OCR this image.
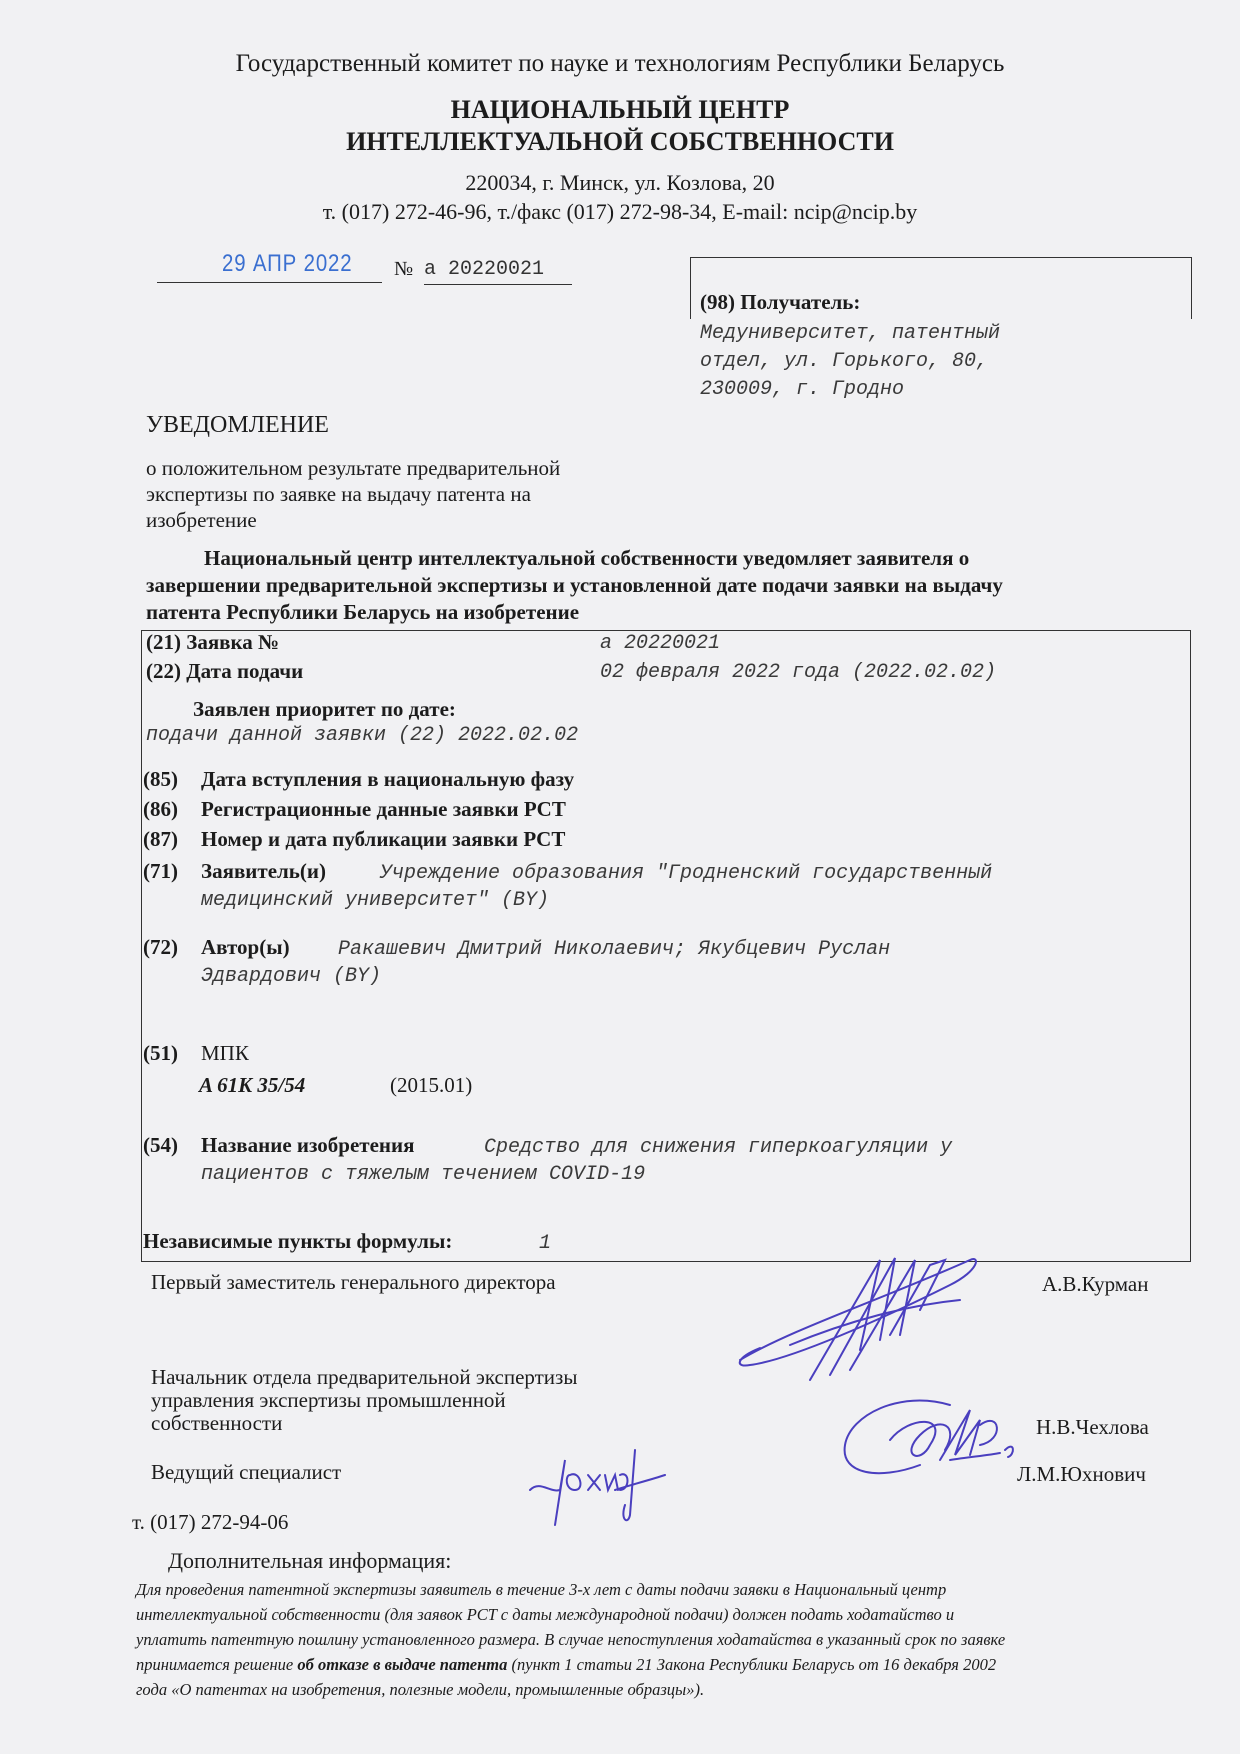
Государственный комитет по науке и технологиям Республики Беларусь
НАЦИОНАЛЬНЫЙ ЦЕНТР
ИНТЕЛЛЕКТУАЛЬНОЙ СОБСТВЕННОСТИ
220034, г. Минск, ул. Козлова, 20
т. (017) 272-46-96, т./факс (017) 272-98-34, E-mail: ncip@ncip.by
29 АПР 2022 № а 20220021
(98) Получатель:
Медуниверситет, патентный
отдел, ул. Горького, 80,
230009, г. Гродно
УВЕДОМЛЕНИЕ
о положительном результате предварительной
экспертизы по заявке на выдачу патента на
изобретение
Национальный центр интеллектуальной собственности уведомляет заявителя о
завершении предварительной экспертизы и установленной дате подачи заявки на выдачу
патента Республики Беларусь на изобретение
(21) Заявка №	а 20220021
(22) Дата подачи	02 февраля 2022 года (2022.02.02)
Заявлен приоритет по дате:
подачи данной заявки (22) 2022.02.02
(85) Дата вступления в национальную фазу
(86) Регистрационные данные заявки PCT
(87) Номер и дата публикации заявки PCT
(71) Заявитель(и)	Учреждение образования "Гродненский государственный
медицинский университет" (BY)
(72) Автор(ы) Ракашевич Дмитрий Николаевич; Якубцевич Руслан
Эдвардович (BY)
(51) МПК
A 61K 35/54	(2015.01)
(54) Название изобретения	Средство для снижения гиперкоагуляции у
пациентов с тяжелым течением COVID-19
Независимые пункты формулы:	1
Первый заместитель генерального директора	А.В.Курман
Начальник отдела предварительной экспертизы
управления экспертизы промышленной
собственности	Н.В.Чехлова
Ведущий специалист	Л.М.Юхнович
т. (017) 272-94-06
Дополнительная информация:
Для проведения патентной экспертизы заявитель в течение 3-х лет с даты подачи заявки в Национальный центр
интеллектуальной собственности (для заявок PCT с даты международной подачи) должен подать ходатайство и
уплатить патентную пошлину установленного размера. В случае непоступления ходатайства в указанный срок по заявке
принимается решение об отказе в выдаче патента (пункт 1 статьи 21 Закона Республики Беларусь от 16 декабря 2002
года «О патентах на изобретения, полезные модели, промышленные образцы»).
